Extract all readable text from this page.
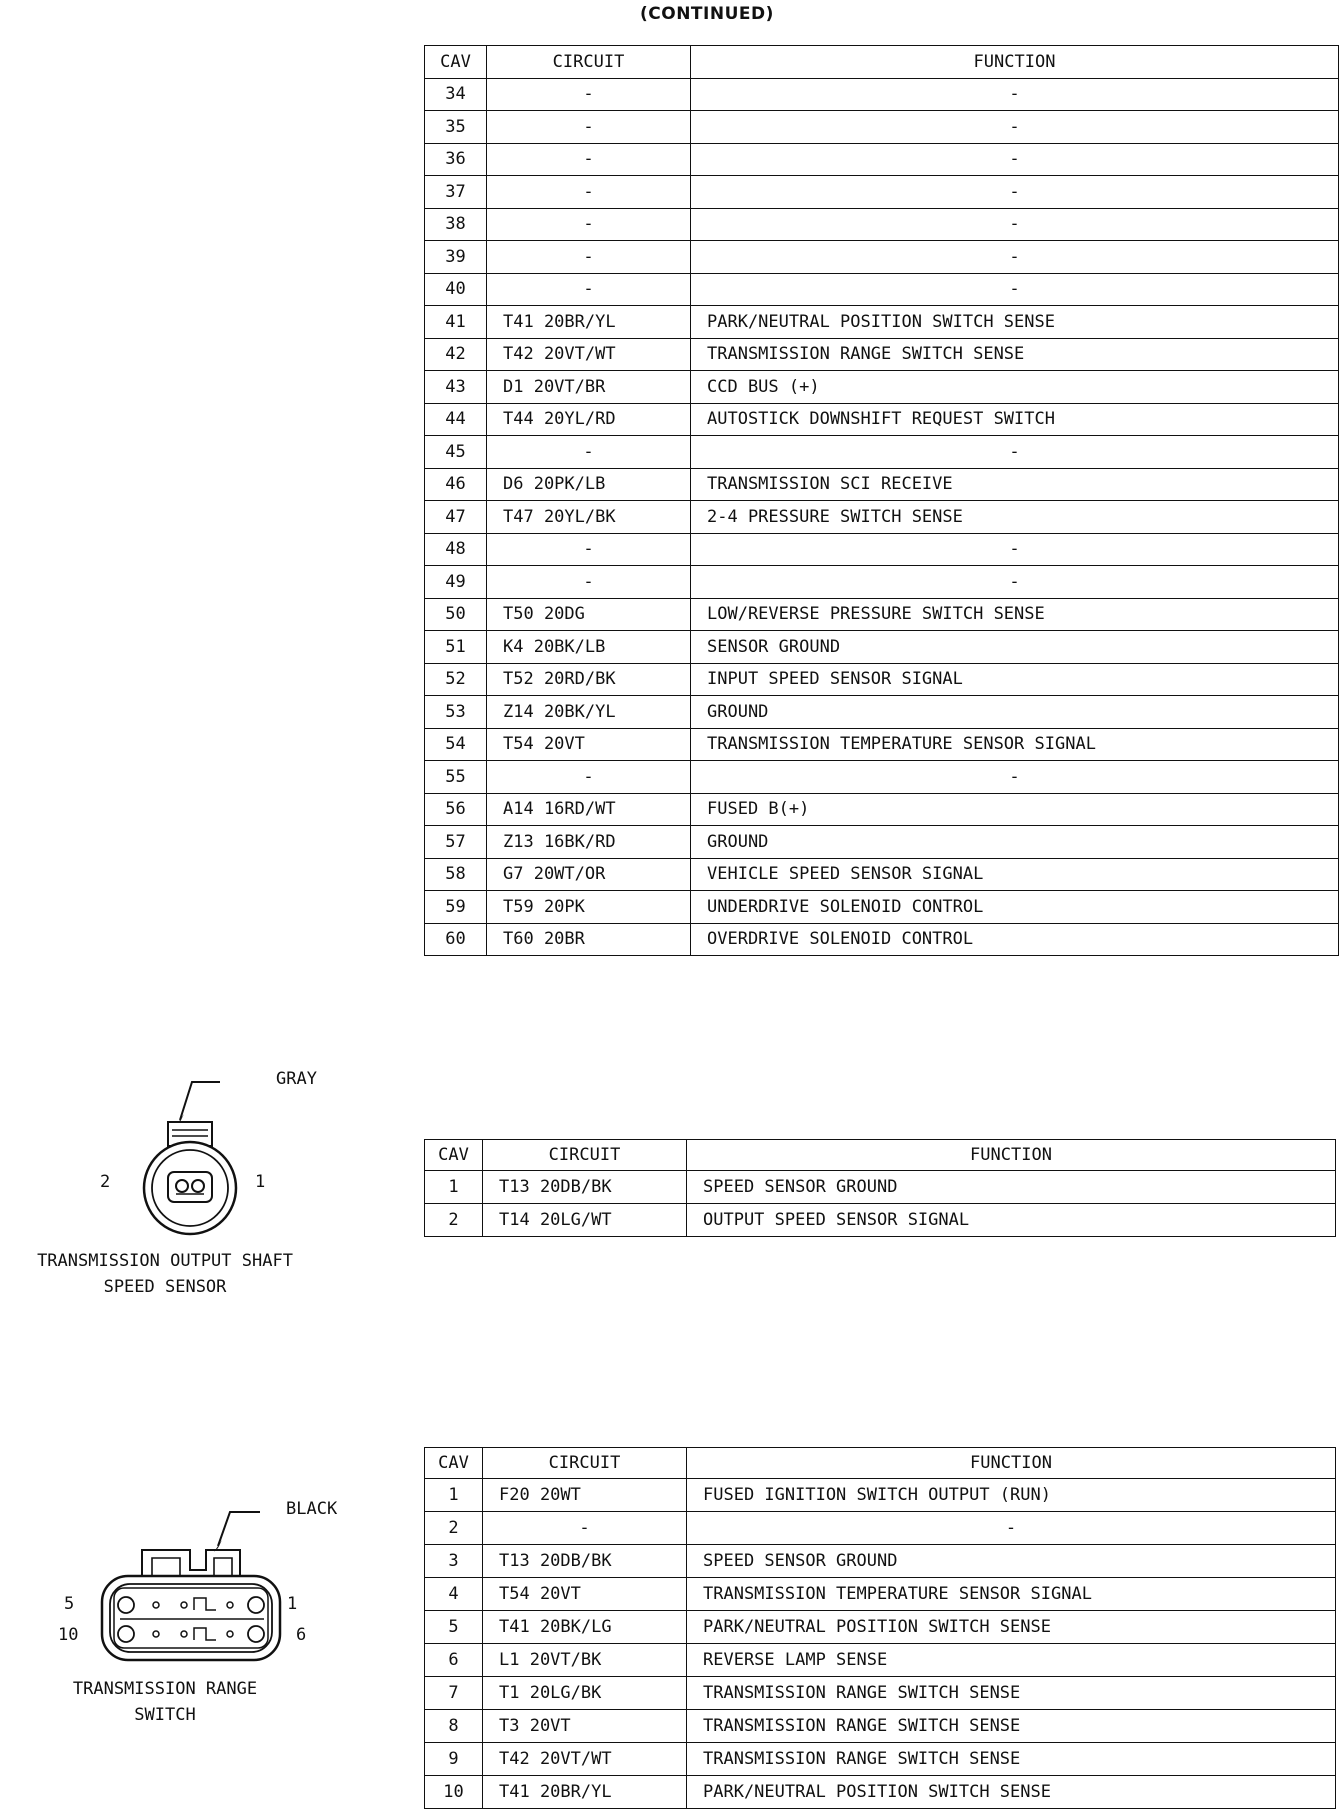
(CONTINUED)
CAV	CIRCUIT	FUNCTION
34	-	-
35	-	-
36	-	-
37	-	-
38	-	-
39	-	-
40	-	-
41	T41 20BR/YL	PARK/NEUTRAL POSITION SWITCH SENSE
42	T42 20VT/WT	TRANSMISSION RANGE SWITCH SENSE
43	D1 20VT/BR	CCD BUS (+)
44	T44 20YL/RD	AUTOSTICK DOWNSHIFT REQUEST SWITCH
45	-	-
46	D6 20PK/LB	TRANSMISSION SCI RECEIVE
47	T47 20YL/BK	2-4 PRESSURE SWITCH SENSE
48	-	-
49	-	-
50	T50 20DG	LOW/REVERSE PRESSURE SWITCH SENSE
51	K4 20BK/LB	SENSOR GROUND
52	T52 20RD/BK	INPUT SPEED SENSOR SIGNAL
53	Z14 20BK/YL	GROUND
54	T54 20VT	TRANSMISSION TEMPERATURE SENSOR SIGNAL
55	-	-
56	A14 16RD/WT	FUSED B(+)
57	Z13 16BK/RD	GROUND
58	G7 20WT/OR	VEHICLE SPEED SENSOR SIGNAL
59	T59 20PK	UNDERDRIVE SOLENOID CONTROL
60	T60 20BR	OVERDRIVE SOLENOID CONTROL
GRAY
2	1
TRANSMISSION OUTPUT SHAFT
SPEED SENSOR
CAV	CIRCUIT	FUNCTION
1	T13 20DB/BK	SPEED SENSOR GROUND
2	T14 20LG/WT	OUTPUT SPEED SENSOR SIGNAL
BLACK
5	1
10	6
TRANSMISSION RANGE
SWITCH
CAV	CIRCUIT	FUNCTION
1	F20 20WT	FUSED IGNITION SWITCH OUTPUT (RUN)
2	-	-
3	T13 20DB/BK	SPEED SENSOR GROUND
4	T54 20VT	TRANSMISSION TEMPERATURE SENSOR SIGNAL
5	T41 20BK/LG	PARK/NEUTRAL POSITION SWITCH SENSE
6	L1 20VT/BK	REVERSE LAMP SENSE
7	T1 20LG/BK	TRANSMISSION RANGE SWITCH SENSE
8	T3 20VT	TRANSMISSION RANGE SWITCH SENSE
9	T42 20VT/WT	TRANSMISSION RANGE SWITCH SENSE
10	T41 20BR/YL	PARK/NEUTRAL POSITION SWITCH SENSE
